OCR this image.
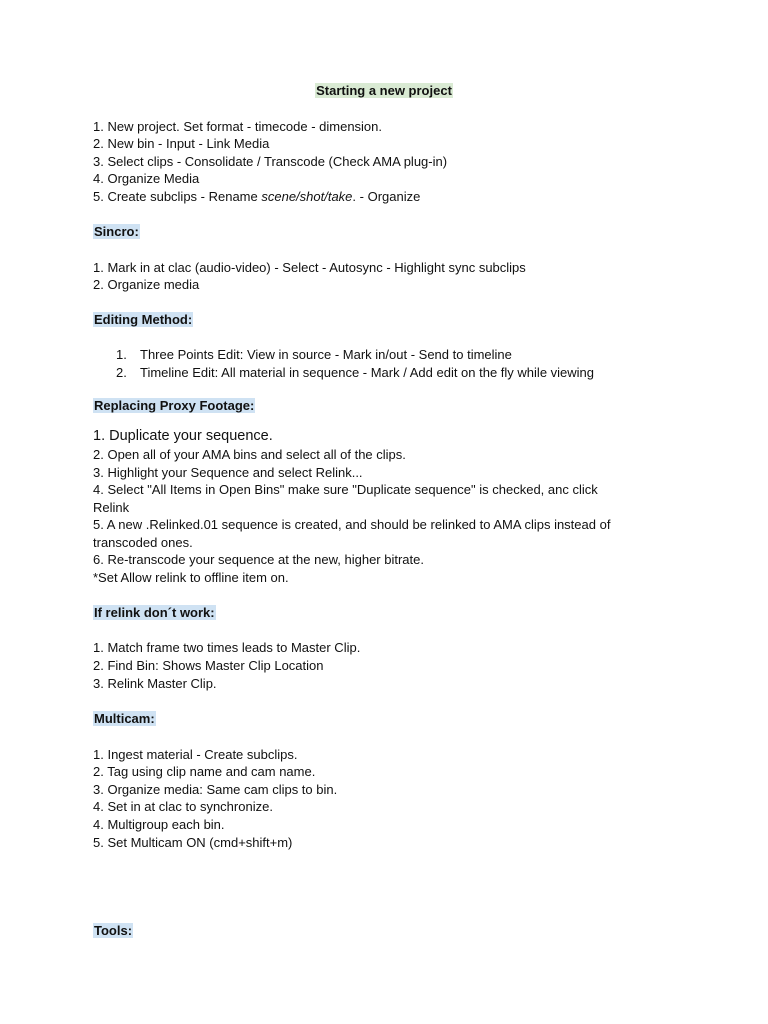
Starting a new project
1. New project. Set format - timecode - dimension.
2. New bin - Input - Link Media
3. Select clips - Consolidate / Transcode (Check AMA plug-in)
4. Organize Media
5. Create subclips - Rename scene/shot/take. - Organize
Sincro:
1. Mark in at clac (audio-video) - Select - Autosync - Highlight sync subclips
2. Organize media
Editing Method:
1. Three Points Edit: View in source - Mark in/out - Send to timeline
2. Timeline Edit: All material in sequence - Mark / Add edit on the fly while viewing
Replacing Proxy Footage:
1. Duplicate your sequence.
2. Open all of your AMA bins and select all of the clips.
3. Highlight your Sequence and select Relink...
4. Select "All Items in Open Bins" make sure "Duplicate sequence" is checked, anc click
Relink
5. A new .Relinked.01 sequence is created, and should be relinked to AMA clips instead of
transcoded ones.
6. Re-transcode your sequence at the new, higher bitrate.
*Set Allow relink to offline item on.
If relink don´t work:
1. Match frame two times leads to Master Clip.
2. Find Bin: Shows Master Clip Location
3. Relink Master Clip.
Multicam:
1. Ingest material - Create subclips.
2. Tag using clip name and cam name.
3. Organize media: Same cam clips to bin.
4. Set in at clac to synchronize.
4. Multigroup each bin.
5. Set Multicam ON (cmd+shift+m)
Tools:
